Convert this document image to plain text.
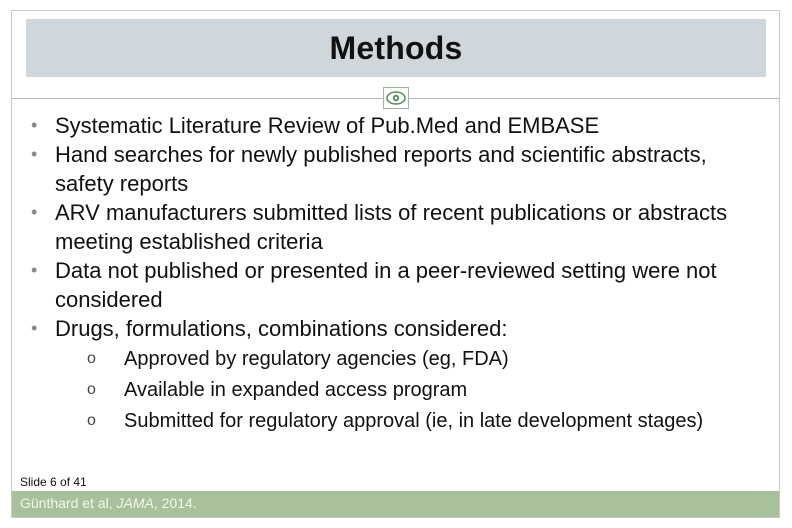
Methods
• Systematic Literature Review of Pub.Med and EMBASE
• Hand searches for newly published reports and scientific abstracts, safety reports
• ARV manufacturers submitted lists of recent publications or abstracts meeting established criteria
• Data not published or presented in a peer-reviewed setting were not considered
• Drugs, formulations, combinations considered:
o Approved by regulatory agencies (eg, FDA)
o Available in expanded access program
o Submitted for regulatory approval (ie, in late development stages)
Slide 6 of 41
Günthard et al, JAMA, 2014.
